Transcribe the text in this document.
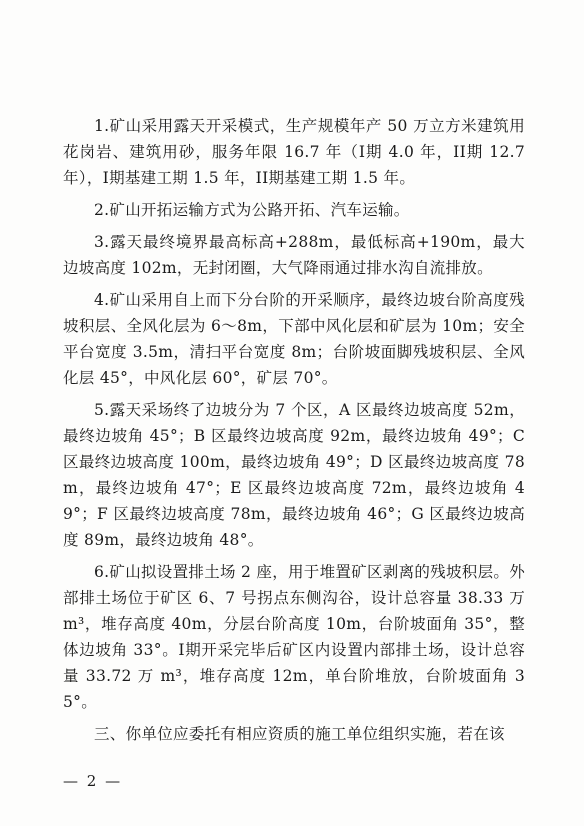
1.矿山采用露天开采模式，生产规模年产 50 万立方米建筑用花岗岩、建筑用砂，服务年限 16.7 年（I期 4.0 年，II期 12.7 年），I期基建工期 1.5 年，II期基建工期 1.5 年。

2.矿山开拓运输方式为公路开拓、汽车运输。

3.露天最终境界最高标高+288m，最低标高+190m，最大边坡高度 102m，无封闭圈，大气降雨通过排水沟自流排放。

4.矿山采用自上而下分台阶的开采顺序，最终边坡台阶高度残坡积层、全风化层为 6～8m，下部中风化层和矿层为 10m；安全平台宽度 3.5m，清扫平台宽度 8m；台阶坡面脚残坡积层、全风化层 45°，中风化层 60°，矿层 70°。

5.露天采场终了边坡分为 7 个区，A 区最终边坡高度 52m，最终边坡角 45°；B 区最终边坡高度 92m，最终边坡角 49°；C 区最终边坡高度 100m，最终边坡角 49°；D 区最终边坡高度 78m，最终边坡角 47°；E 区最终边坡高度 72m，最终边坡角 49°；F 区最终边坡高度 78m，最终边坡角 46°；G 区最终边坡高度 89m，最终边坡角 48°。

6.矿山拟设置排土场 2 座，用于堆置矿区剥离的残坡积层。外部排土场位于矿区 6、7 号拐点东侧沟谷，设计总容量 38.33 万 m³，堆存高度 40m，分层台阶高度 10m，台阶坡面角 35°，整体边坡角 33°。I期开采完毕后矿区内设置内部排土场，设计总容量 33.72 万 m³，堆存高度 12m，单台阶堆放，台阶坡面角 35°。

三、你单位应委托有相应资质的施工单位组织实施，若在该

— 2 —
